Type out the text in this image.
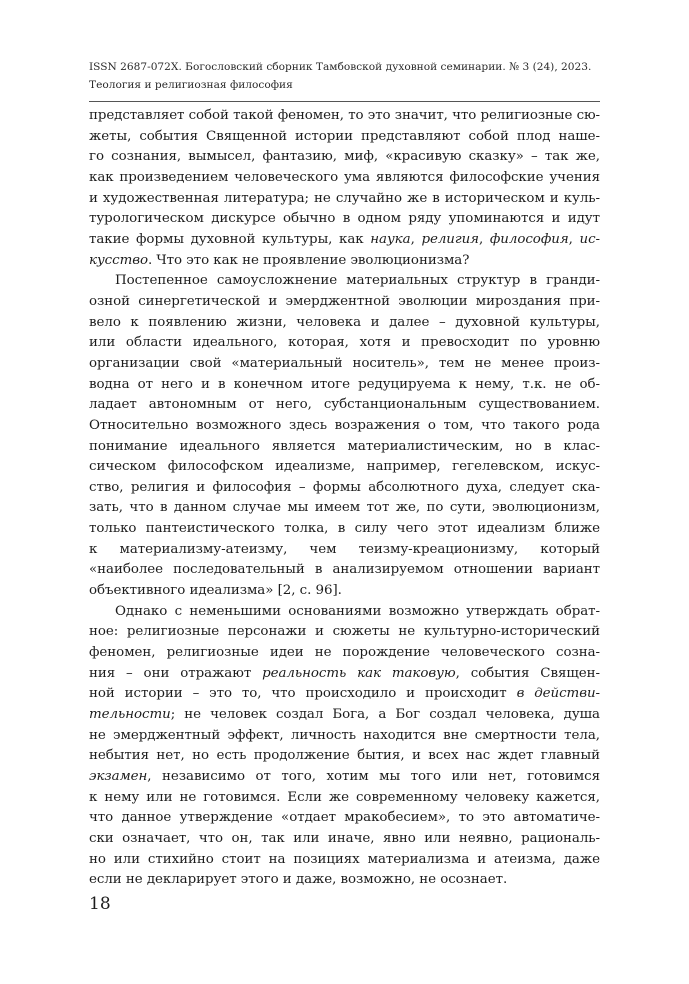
ISSN 2687-072X. Богословский сборник Тамбовской духовной семинарии. № 3 (24), 2023.
Теология и религиозная философия
представляет собой такой феномен, то это значит, что религиозные сю-
жеты, события Священной истории представляют собой плод наше-
го сознания, вымысел, фантазию, миф, «красивую сказку» – так же,
как произведением человеческого ума являются философские учения
и художественная литература; не случайно же в историческом и куль-
турологическом дискурсе обычно в одном ряду упоминаются и идут
такие формы духовной культуры, как наука, религия, философия, ис-
кусство. Что это как не проявление эволюционизма?
Постепенное самоусложнение материальных структур в гранди-
озной синергетической и эмерджентной эволюции мироздания при-
вело к появлению жизни, человека и далее – духовной культуры,
или области идеального, которая, хотя и превосходит по уровню
организации свой «материальный носитель», тем не менее произ-
водна от него и в конечном итоге редуцируема к нему, т.к. не об-
ладает автономным от него, субстанциональным существованием.
Относительно возможного здесь возражения о том, что такого рода
понимание идеального является материалистическим, но в клас-
сическом философском идеализме, например, гегелевском, искус-
ство, религия и философия – формы абсолютного духа, следует ска-
зать, что в данном случае мы имеем тот же, по сути, эволюционизм,
только пантеистического толка, в силу чего этот идеализм ближе
к материализму-атеизму, чем теизму-креационизму, который
«наиболее последовательный в анализируемом отношении вариант
объективного идеализма» [2, с. 96].
Однако с неменьшими основаниями возможно утверждать обрат-
ное: религиозные персонажи и сюжеты не культурно-исторический
феномен, религиозные идеи не порождение человеческого созна-
ния – они отражают реальность как таковую, события Священ-
ной истории – это то, что происходило и происходит в действи-
тельности; не человек создал Бога, а Бог создал человека, душа
не эмерджентный эффект, личность находится вне смертности тела,
небытия нет, но есть продолжение бытия, и всех нас ждет главный
экзамен, независимо от того, хотим мы того или нет, готовимся
к нему или не готовимся. Если же современному человеку кажется,
что данное утверждение «отдает мракобесием», то это автоматиче-
ски означает, что он, так или иначе, явно или неявно, рациональ-
но или стихийно стоит на позициях материализма и атеизма, даже
если не декларирует этого и даже, возможно, не осознает.
18
